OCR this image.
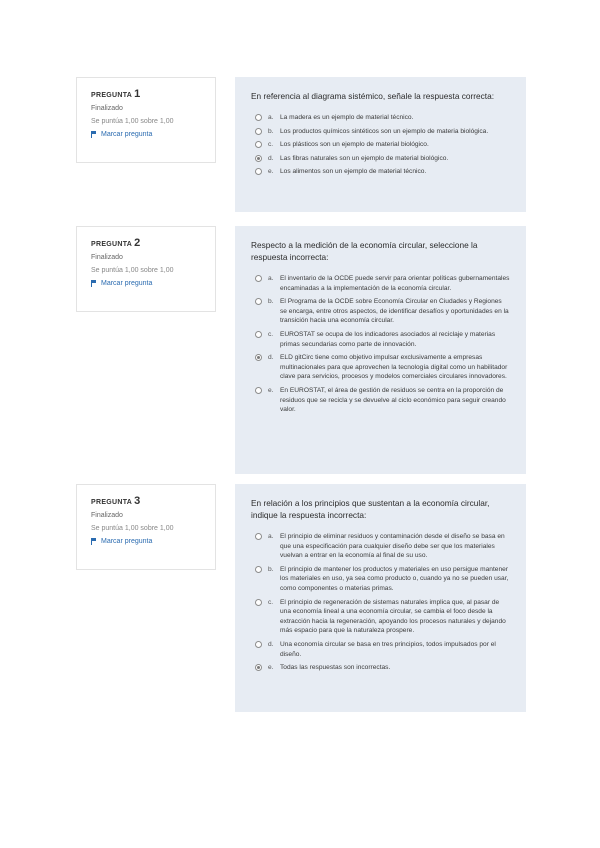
PREGUNTA 1
Finalizado
Se puntúa 1,00 sobre 1,00
Marcar pregunta
En referencia al diagrama sistémico, señale la respuesta correcta:
a. La madera es un ejemplo de material técnico.
b. Los productos químicos sintéticos son un ejemplo de materia biológica.
c.	Los plásticos son un ejemplo de material biológico.
d. Las fibras naturales son un ejemplo de material biológico.
e. Los alimentos son un ejemplo de material técnico.
PREGUNTA 2
Finalizado
Se puntúa 1,00 sobre 1,00
Marcar pregunta
Respecto a la medición de la economía circular, seleccione la respuesta incorrecta:
a. El inventario de la OCDE puede servir para orientar políticas gubernamentales encaminadas a la implementación de la economía circular.
b. El Programa de la OCDE sobre Economía Circular en Ciudades y Regiones se encarga, entre otros aspectos, de identificar desafíos y oportunidades en la transición hacia una economía circular.
c.	EUROSTAT se ocupa de los indicadores asociados al reciclaje y materias primas secundarias como parte de innovación.
d. ELD gitCirc tiene como objetivo impulsar exclusivamente a empresas multinacionales para que aprovechen la tecnología digital como un habilitador clave para servicios, procesos y modelos comerciales circulares innovadores.
e. En EUROSTAT, el área de gestión de residuos se centra en la proporción de residuos que se recicla y se devuelve al ciclo económico para seguir creando valor.
PREGUNTA 3
Finalizado
Se puntúa 1,00 sobre 1,00
Marcar pregunta
En relación a los principios que sustentan a la economía circular, indique la respuesta incorrecta:
a. El principio de eliminar residuos y contaminación desde el diseño se basa en que una especificación para cualquier diseño debe ser que los materiales vuelvan a entrar en la economía al final de su uso.
b. El principio de mantener los productos y materiales en uso persigue mantener los materiales en uso, ya sea como producto o, cuando ya no se pueden usar, como componentes o materias primas.
c.	El principio de regeneración de sistemas naturales implica que, al pasar de una economía lineal a una economía circular, se cambia el foco desde la extracción hacia la regeneración, apoyando los procesos naturales y dejando más espacio para que la naturaleza prospere.
d. Una economía circular se basa en tres principios, todos impulsados por el diseño.
e. Todas las respuestas son incorrectas.
